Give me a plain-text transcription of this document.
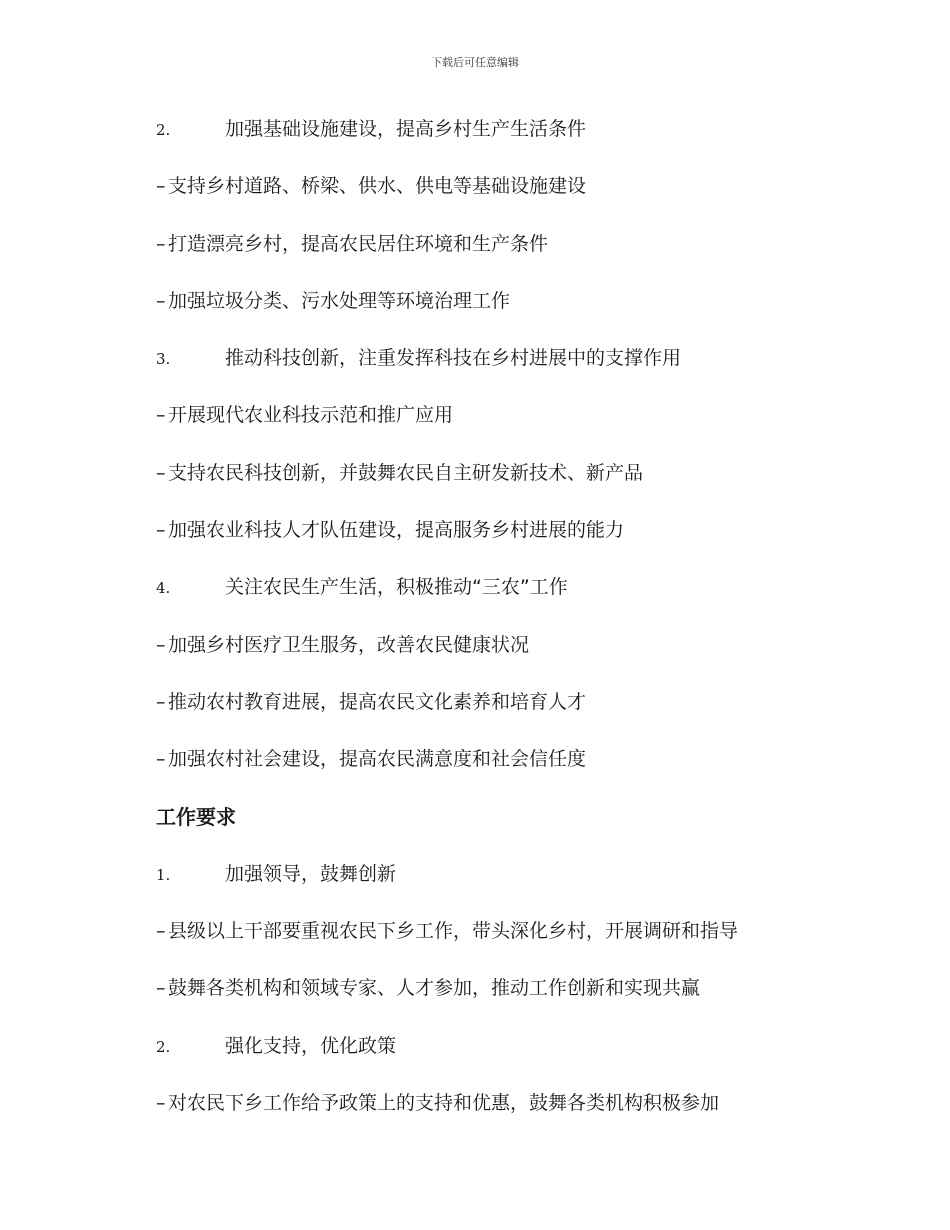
下载后可任意编辑
2.	加强基础设施建设，提高乡村生产生活条件
– 支持乡村道路、桥梁、供水、供电等基础设施建设
– 打造漂亮乡村，提高农民居住环境和生产条件
– 加强垃圾分类、污水处理等环境治理工作
3.	推动科技创新，注重发挥科技在乡村进展中的支撑作用
– 开展现代农业科技示范和推广应用
– 支持农民科技创新，并鼓舞农民自主研发新技术、新产品
– 加强农业科技人才队伍建设，提高服务乡村进展的能力
4.	关注农民生产生活，积极推动“三农”工作
– 加强乡村医疗卫生服务，改善农民健康状况
– 推动农村教育进展，提高农民文化素养和培育人才
– 加强农村社会建设，提高农民满意度和社会信任度
工作要求
1.	加强领导，鼓舞创新
– 县级以上干部要重视农民下乡工作，带头深化乡村，开展调研和指导
– 鼓舞各类机构和领域专家、人才参加，推动工作创新和实现共赢
2.	强化支持，优化政策
– 对农民下乡工作给予政策上的支持和优惠，鼓舞各类机构积极参加
